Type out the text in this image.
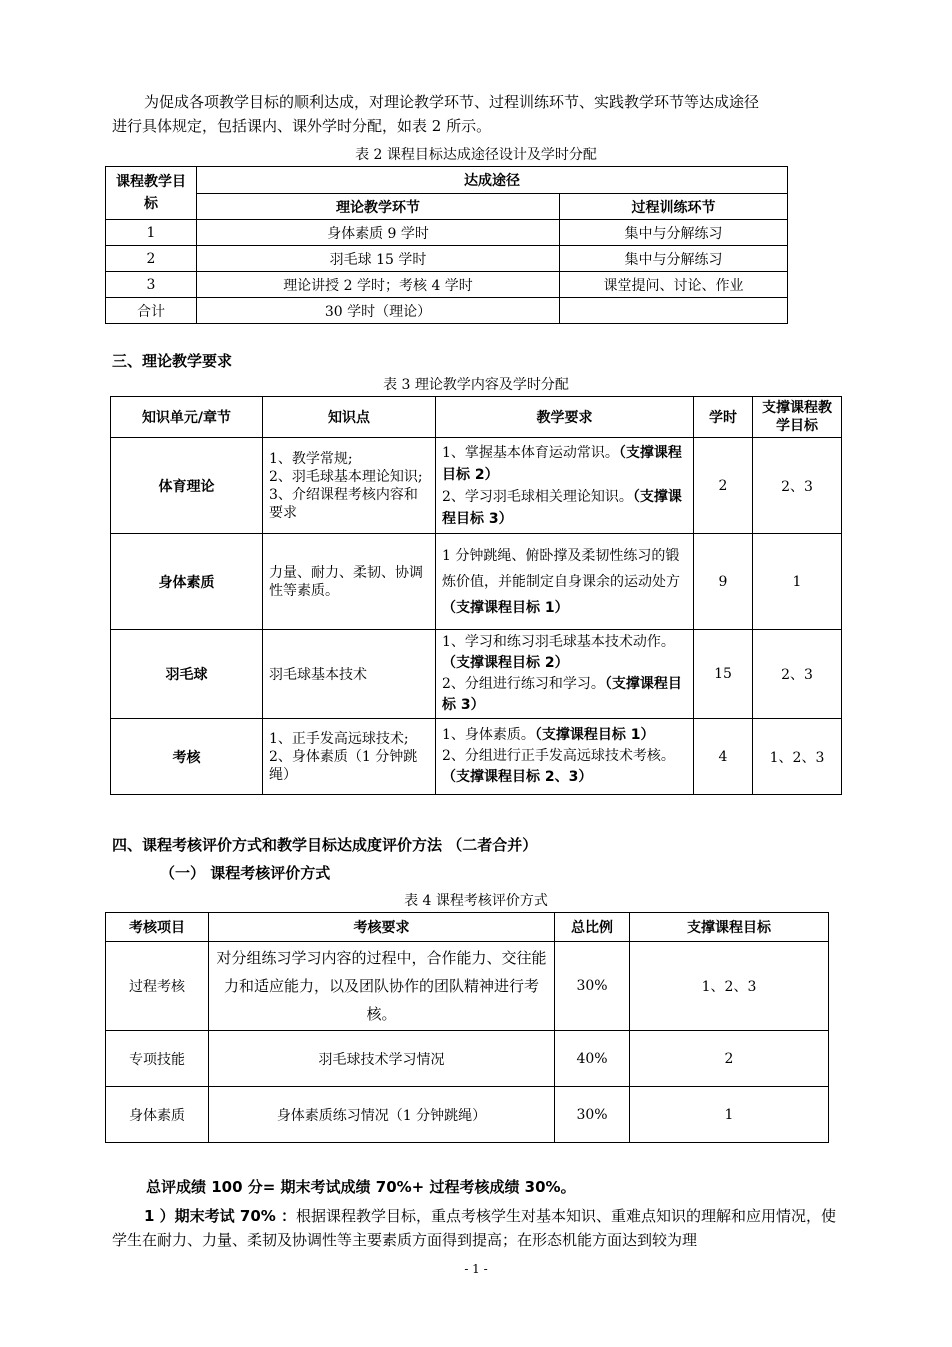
为促成各项教学目标的顺利达成，对理论教学环节、过程训练环节、实践教学环节等达成途径
进行具体规定，包括课内、课外学时分配，如表 2 所示。

表 2 课程目标达成途径设计及学时分配
课程教学目标	达成途径	
	理论教学环节	过程训练环节
1	身体素质 9 学时	集中与分解练习
2	羽毛球 15 学时	集中与分解练习
3	理论讲授 2 学时；考核 4 学时	课堂提问、讨论、作业
合计	30 学时（理论）	
三、理论教学要求
表 3 理论教学内容及学时分配
知识单元/章节	知识点	教学要求	学时	支撑课程教学目标
体育理论	1、教学常规;
2、羽毛球基本理论知识;
3、介绍课程考核内容和要求	1、掌握基本体育运动常识。（支撑课程目标 2）
2、学习羽毛球相关理论知识。（支撑课程目标 3）	2	2、3
身体素质	力量、耐力、柔韧、协调性等素质。	1 分钟跳绳、俯卧撑及柔韧性练习的锻炼价值，并能制定自身课余的运动处方（支撑课程目标 1）	9	1
羽毛球	羽毛球基本技术	1、学习和练习羽毛球基本技术动作。（支撑课程目标 2）
2、分组进行练习和学习。（支撑课程目标 3）	15	2、3
考核	1、正手发高远球技术;
2、身体素质（1 分钟跳绳）	1、身体素质。（支撑课程目标 1）
2、分组进行正手发高远球技术考核。（支撑课程目标 2、3）	4	1、2、3
四、课程考核评价方式和教学目标达成度评价方法 （二者合并）
（一） 课程考核评价方式
表 4 课程考核评价方式
考核项目	考核要求	总比例	支撑课程目标
过程考核	对分组练习学习内容的过程中，合作能力、交往能力和适应能力，以及团队协作的团队精神进行考核。	30%	1、2、3
专项技能	羽毛球技术学习情况	40%	2
身体素质	身体素质练习情况（1 分钟跳绳）	30%	1
总评成绩 100 分= 期末考试成绩 70%+ 过程考核成绩 30%。

1 ）期末考试 70% ：根据课程教学目标，重点考核学生对基本知识、重难点知识的理解和应用情况，使学生在耐力、力量、柔韧及协调性等主要素质方面得到提高；在形态机能方面达到较为理

- 1 -
